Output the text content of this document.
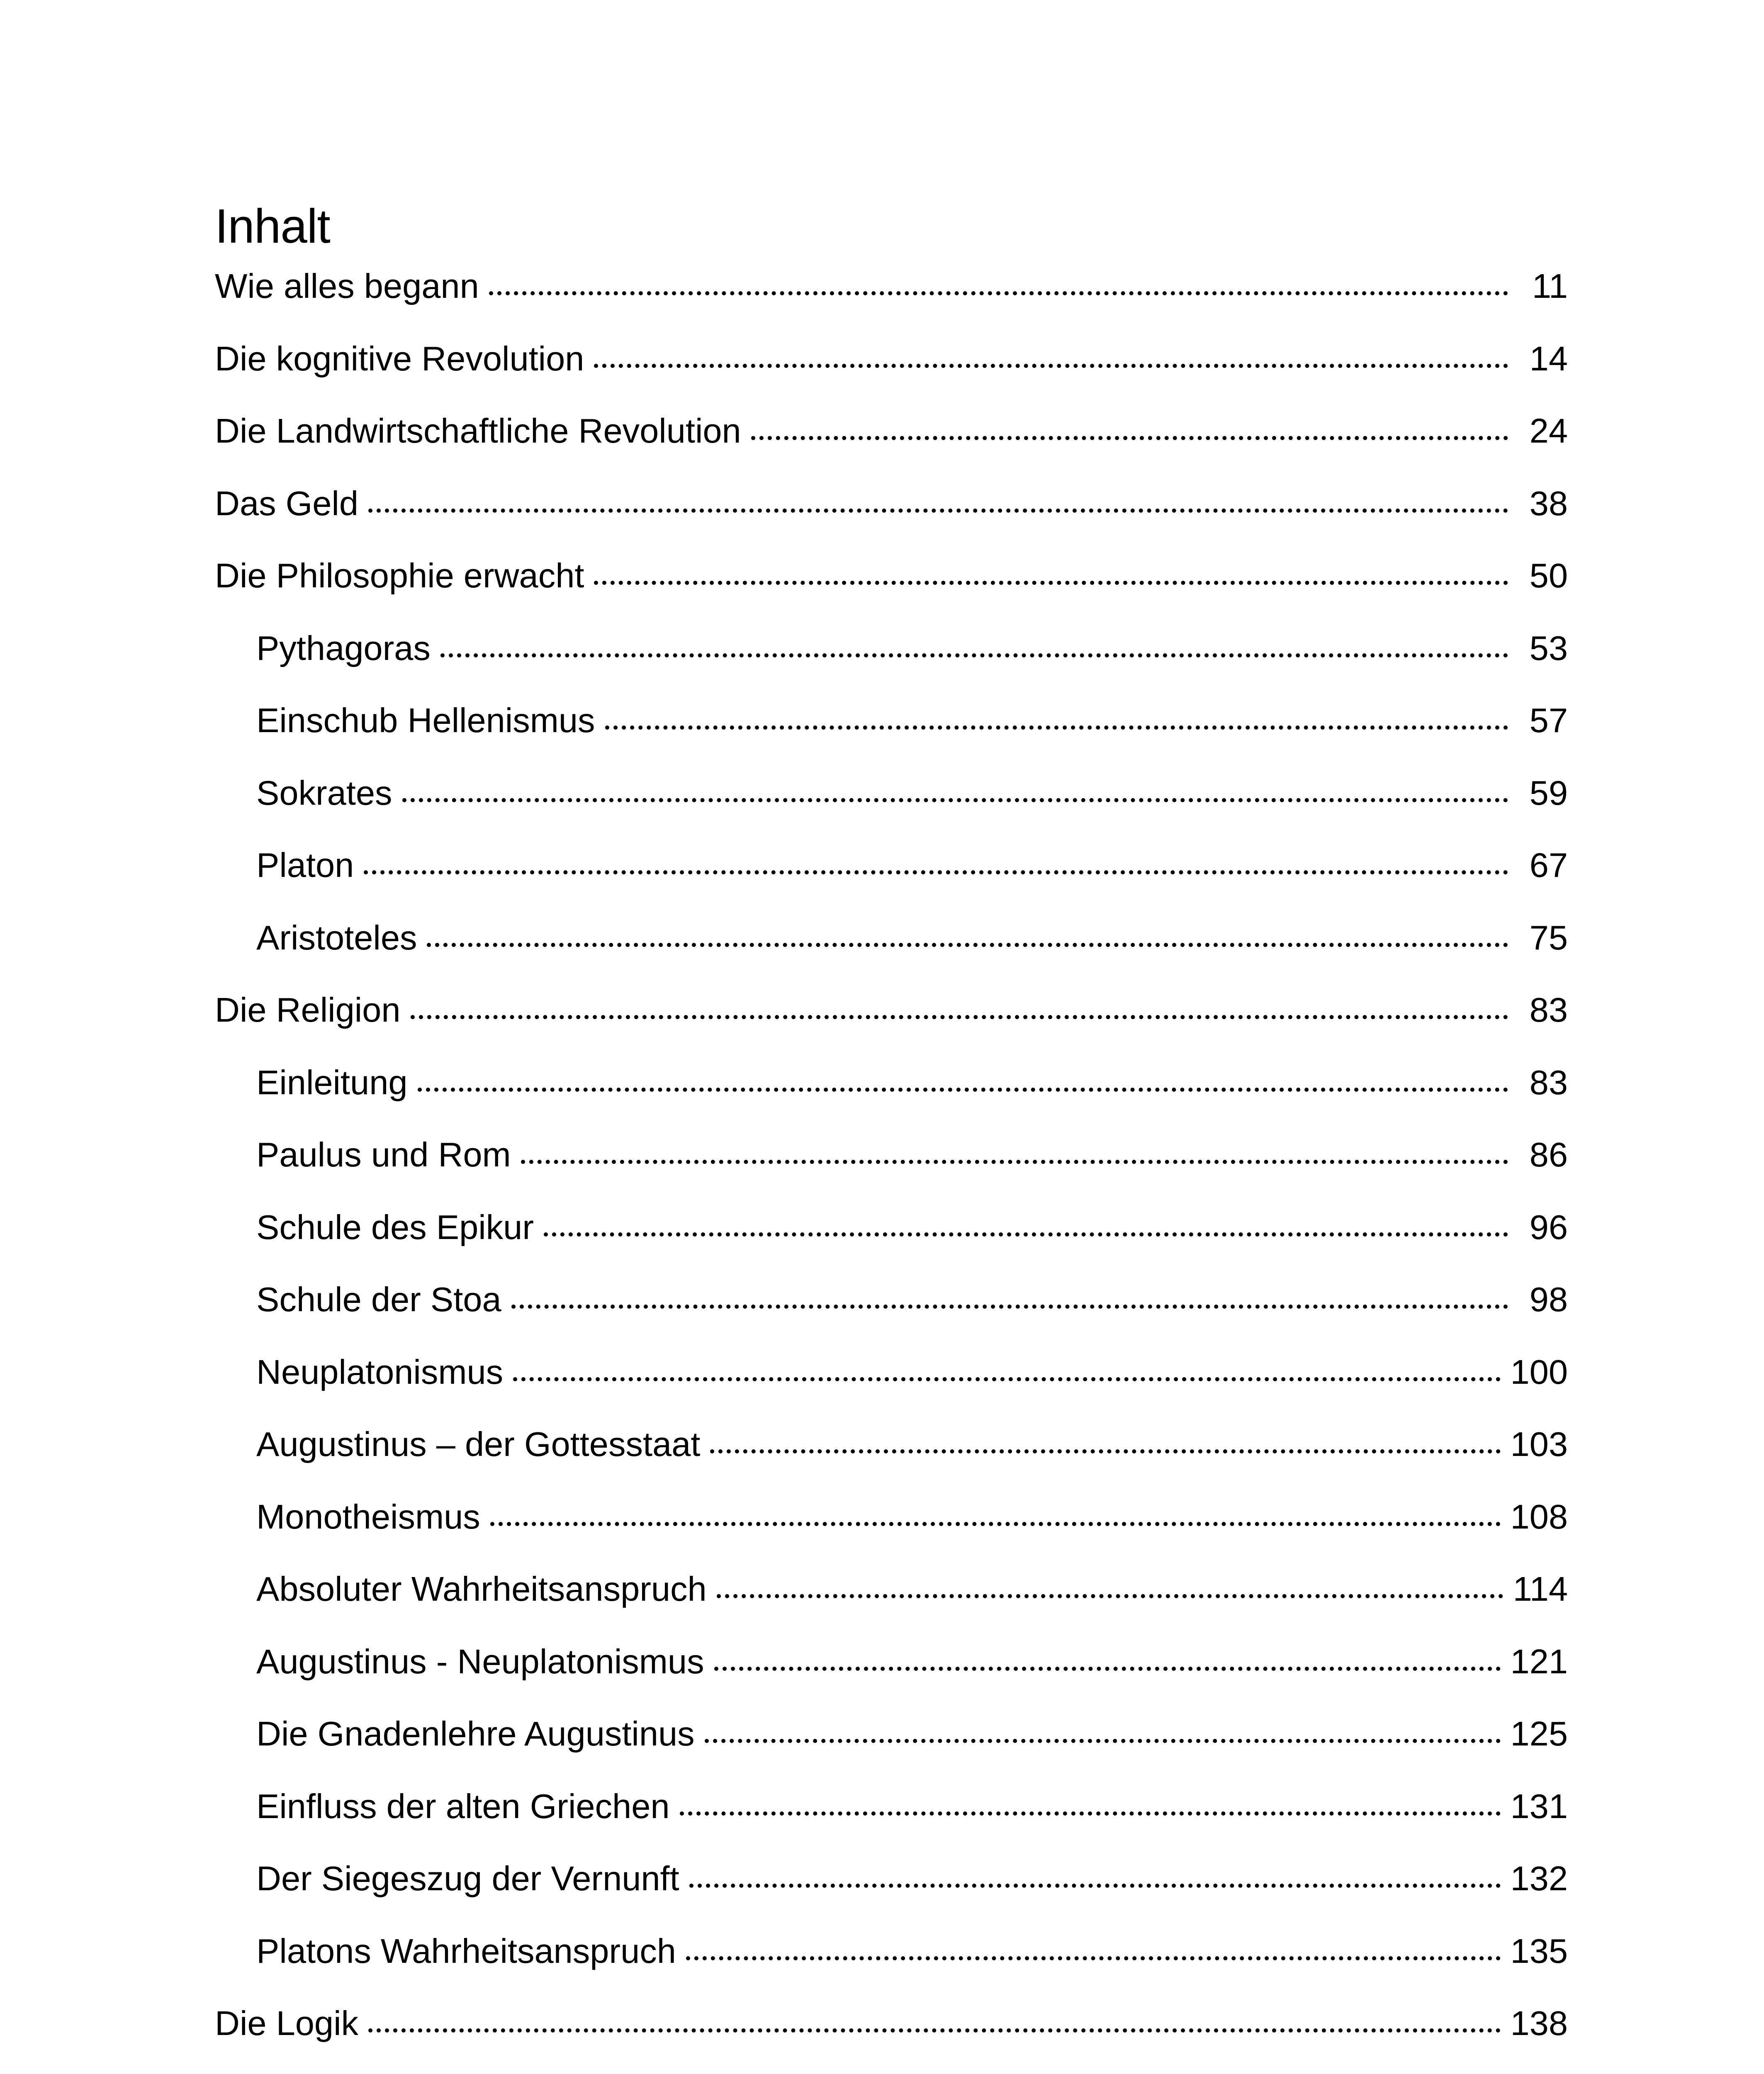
Inhalt
Wie alles begann	11
Die kognitive Revolution	14
Die Landwirtschaftliche Revolution	24
Das Geld	38
Die Philosophie erwacht	50
Pythagoras	53
Einschub Hellenismus	57
Sokrates	59
Platon	67
Aristoteles	75
Die Religion	83
Einleitung	83
Paulus und Rom	86
Schule des Epikur	96
Schule der Stoa	98
Neuplatonismus	100
Augustinus – der Gottesstaat	103
Monotheismus	108
Absoluter Wahrheitsanspruch	114
Augustinus - Neuplatonismus	121
Die Gnadenlehre Augustinus	125
Einfluss der alten Griechen	131
Der Siegeszug der Vernunft	132
Platons Wahrheitsanspruch	135
Die Logik	138
